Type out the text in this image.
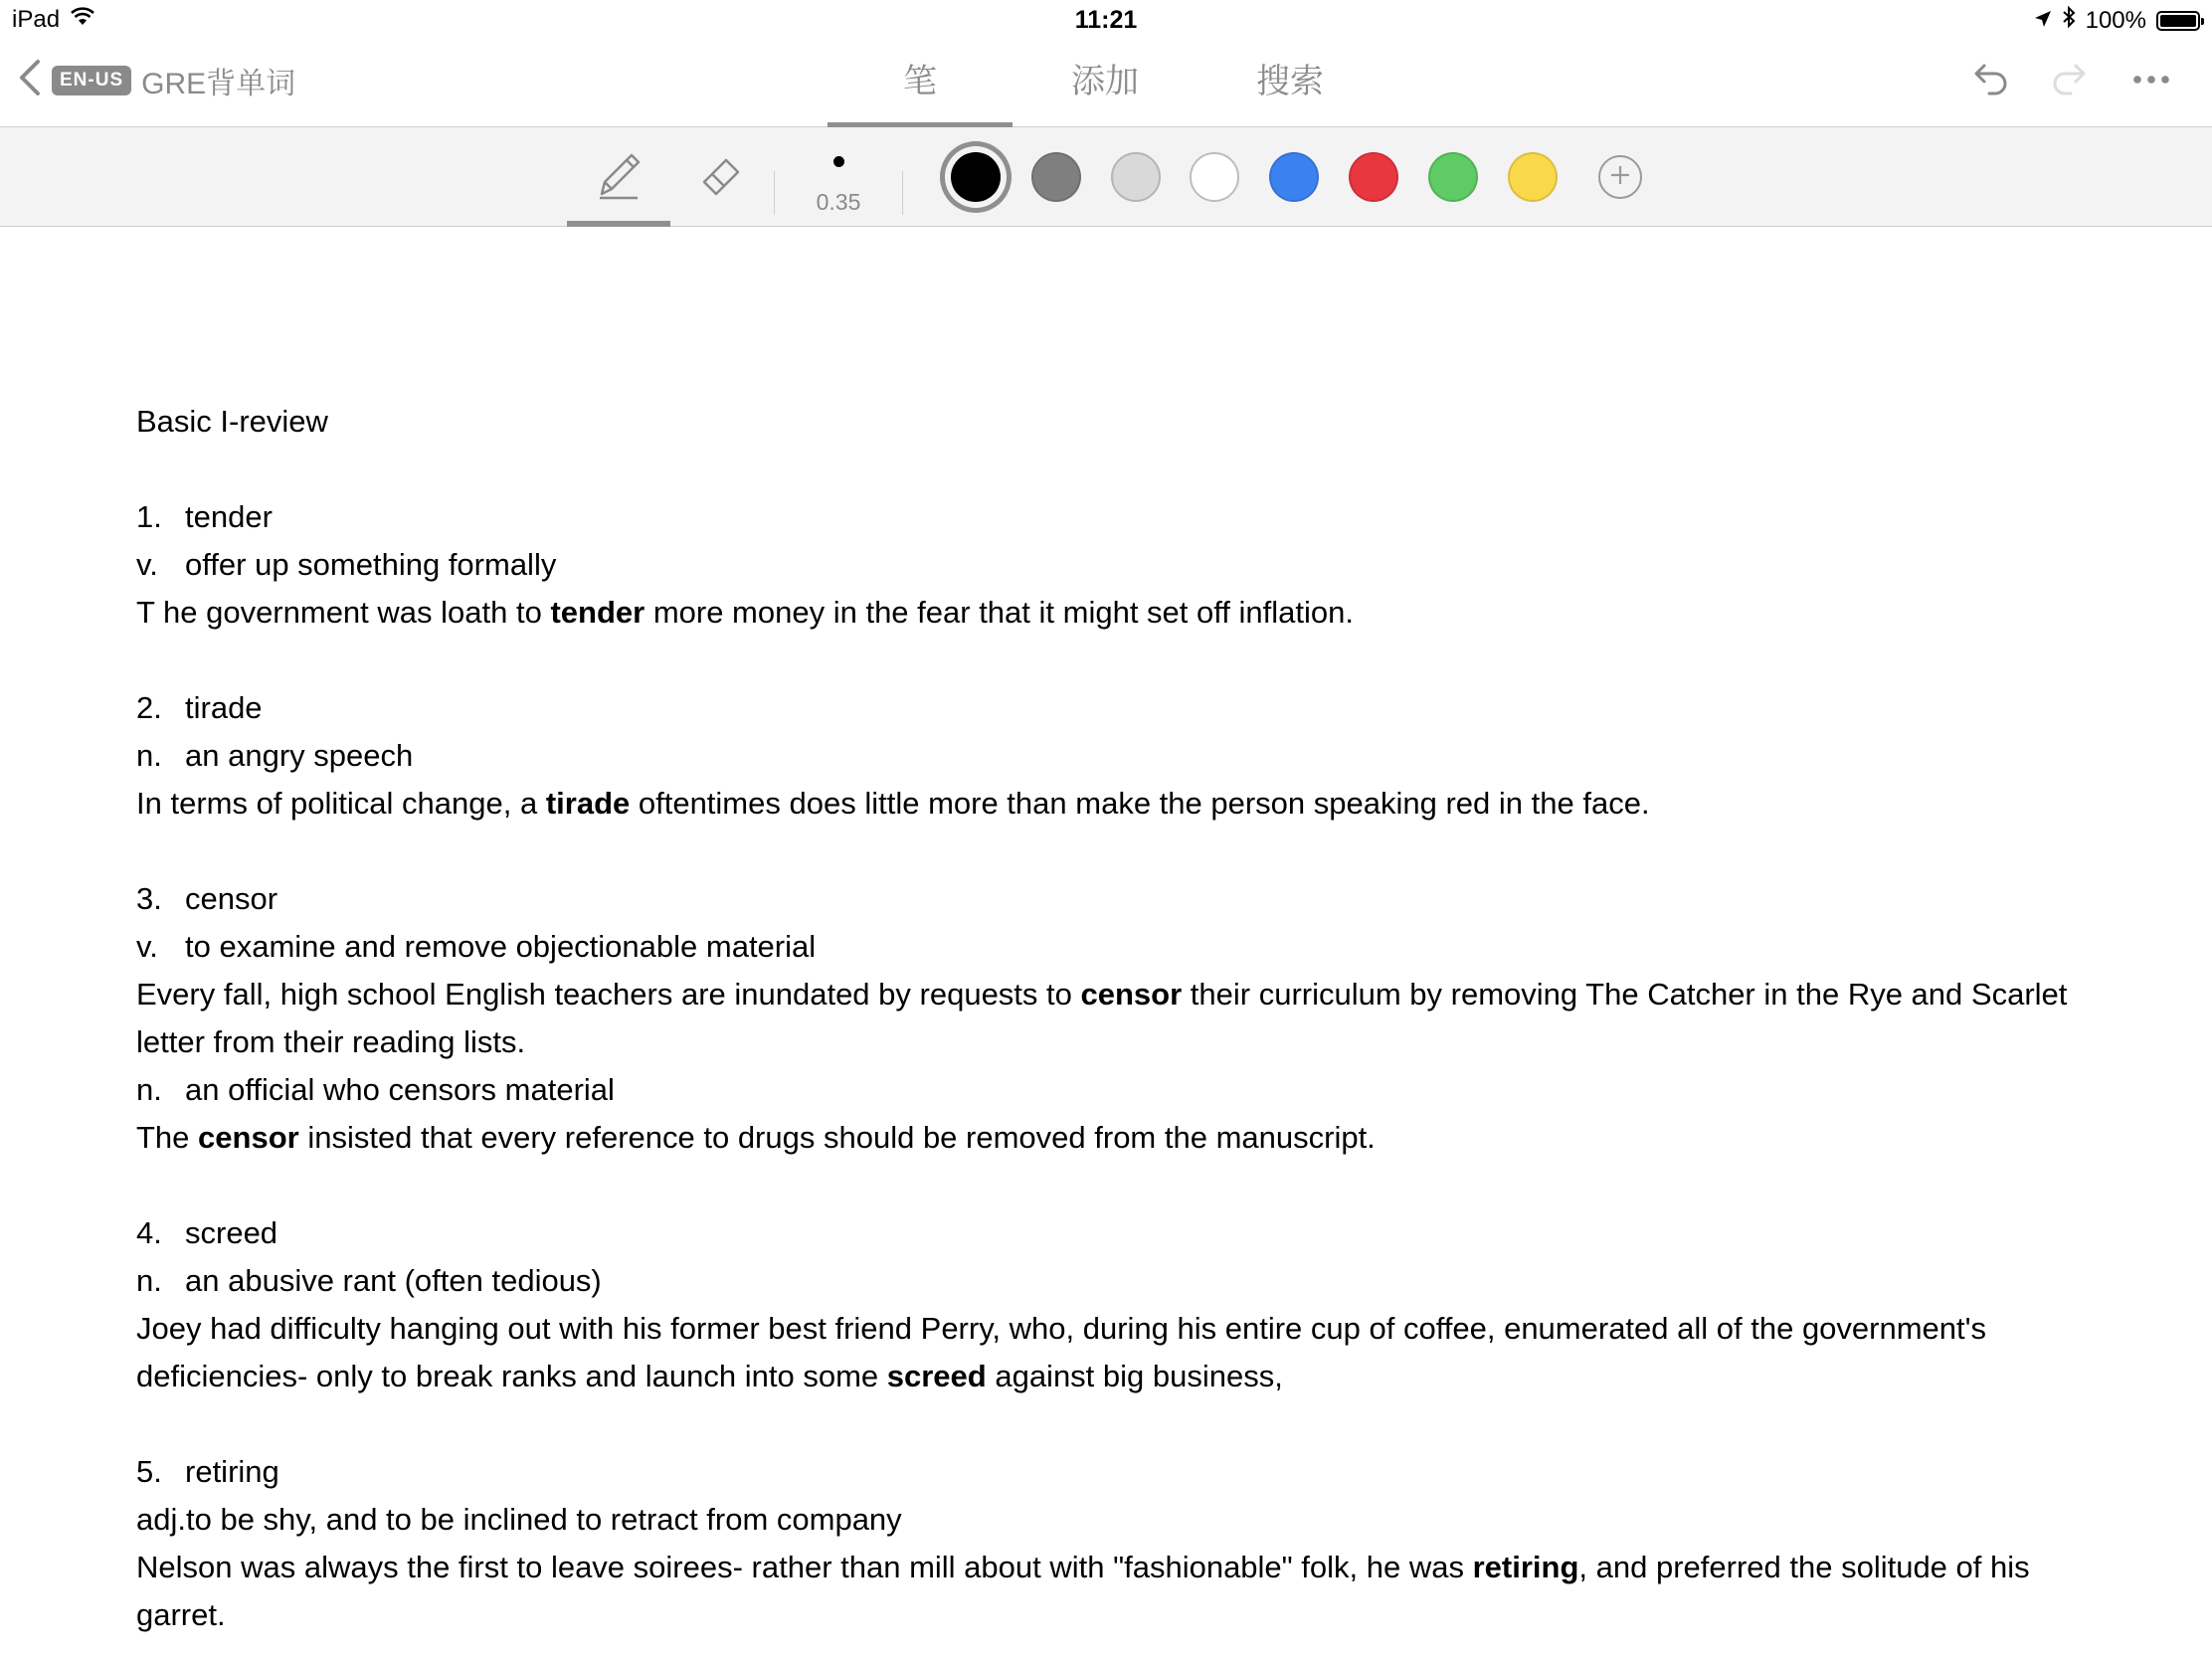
iPad	11:21	100%
EN-US GRE背单词	笔	添加	搜索
0.35
Basic I-review
1. tender
v. offer up something formally
T he government was loath to tender more money in the fear that it might set off inflation.
2. tirade
n. an angry speech
In terms of political change, a tirade oftentimes does little more than make the person speaking red in the face.
3. censor
v. to examine and remove objectionable material
Every fall, high school English teachers are inundated by requests to censor their curriculum by removing The Catcher in the Rye and Scarlet letter from their reading lists.
n. an official who censors material
The censor insisted that every reference to drugs should be removed from the manuscript.
4. screed
n. an abusive rant (often tedious)
Joey had difficulty hanging out with his former best friend Perry, who, during his entire cup of coffee, enumerated all of the government's deficiencies- only to break ranks and launch into some screed against big business,
5. retiring
adj.to be shy, and to be inclined to retract from company
Nelson was always the first to leave soirees- rather than mill about with "fashionable" folk, he was retiring, and preferred the solitude of his garret.
